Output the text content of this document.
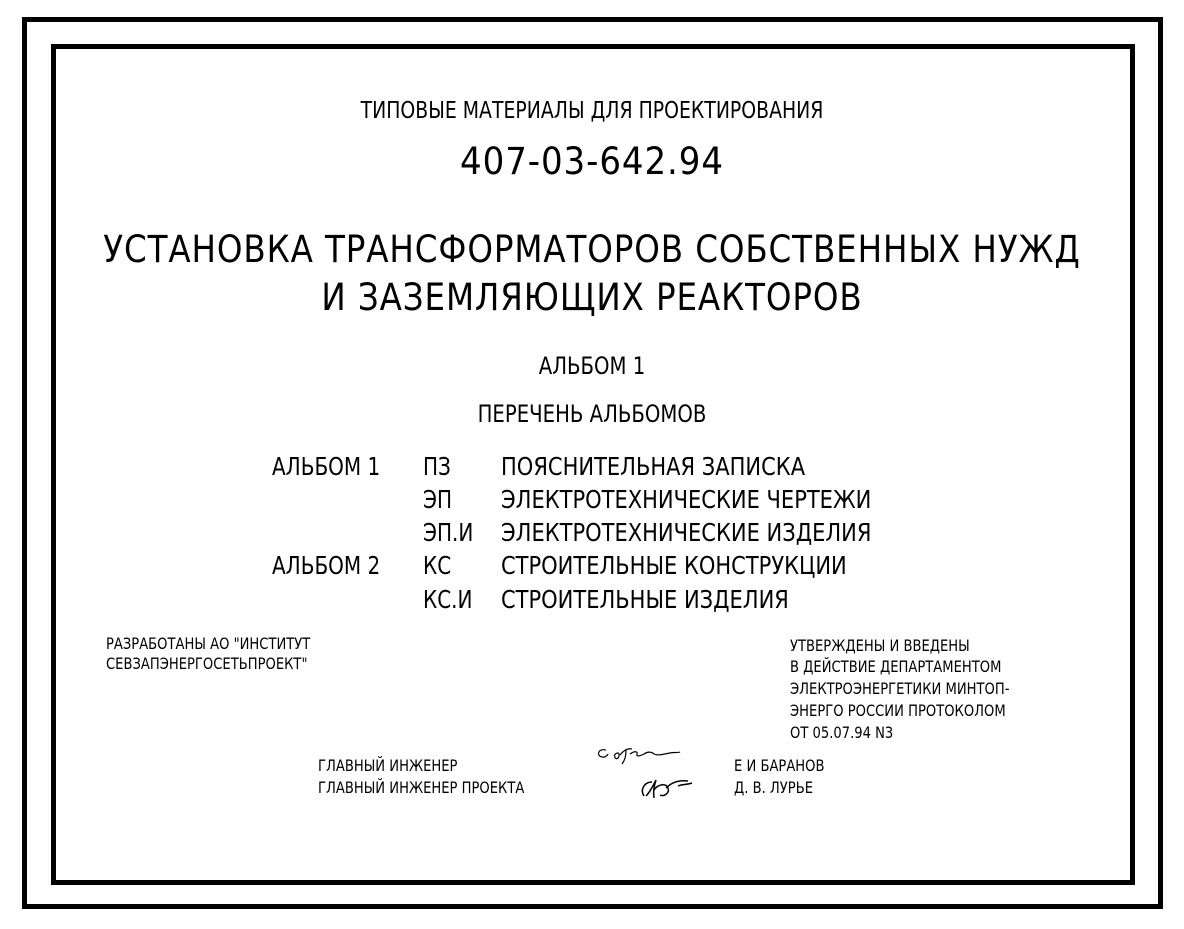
ТИПОВЫЕ МАТЕРИАЛЫ ДЛЯ ПРОЕКТИРОВАНИЯ
407-03-642.94
УСТАНОВКА ТРАНСФОРМАТОРОВ СОБСТВЕННЫХ НУЖД
И ЗАЗЕМЛЯЮЩИХ РЕАКТОРОВ
АЛЬБОМ 1
ПЕРЕЧЕНЬ АЛЬБОМОВ
АЛЬБОМ 1 ПЗ ПОЯСНИТЕЛЬНАЯ ЗАПИСКА
ЭП ЭЛЕКТРОТЕХНИЧЕСКИЕ ЧЕРТЕЖИ
ЭП.И ЭЛЕКТРОТЕХНИЧЕСКИЕ ИЗДЕЛИЯ
АЛЬБОМ 2 КС СТРОИТЕЛЬНЫЕ КОНСТРУКЦИИ
КС.И СТРОИТЕЛЬНЫЕ ИЗДЕЛИЯ
РАЗРАБОТАНЫ АО "ИНСТИТУТ
СЕВЗАПЭНЕРГОСЕТЬПРОЕКТ"
УТВЕРЖДЕНЫ И ВВЕДЕНЫ
В ДЕЙСТВИЕ ДЕПАРТАМЕНТОМ
ЭЛЕКТРОЭНЕРГЕТИКИ МИНТОП-
ЭНЕРГО РОССИИ ПРОТОКОЛОМ
ОТ 05.07.94 N3
ГЛАВНЫЙ ИНЖЕНЕР
ГЛАВНЫЙ ИНЖЕНЕР ПРОЕКТА
Е И БАРАНОВ
Д. В. ЛУРЬЕ
